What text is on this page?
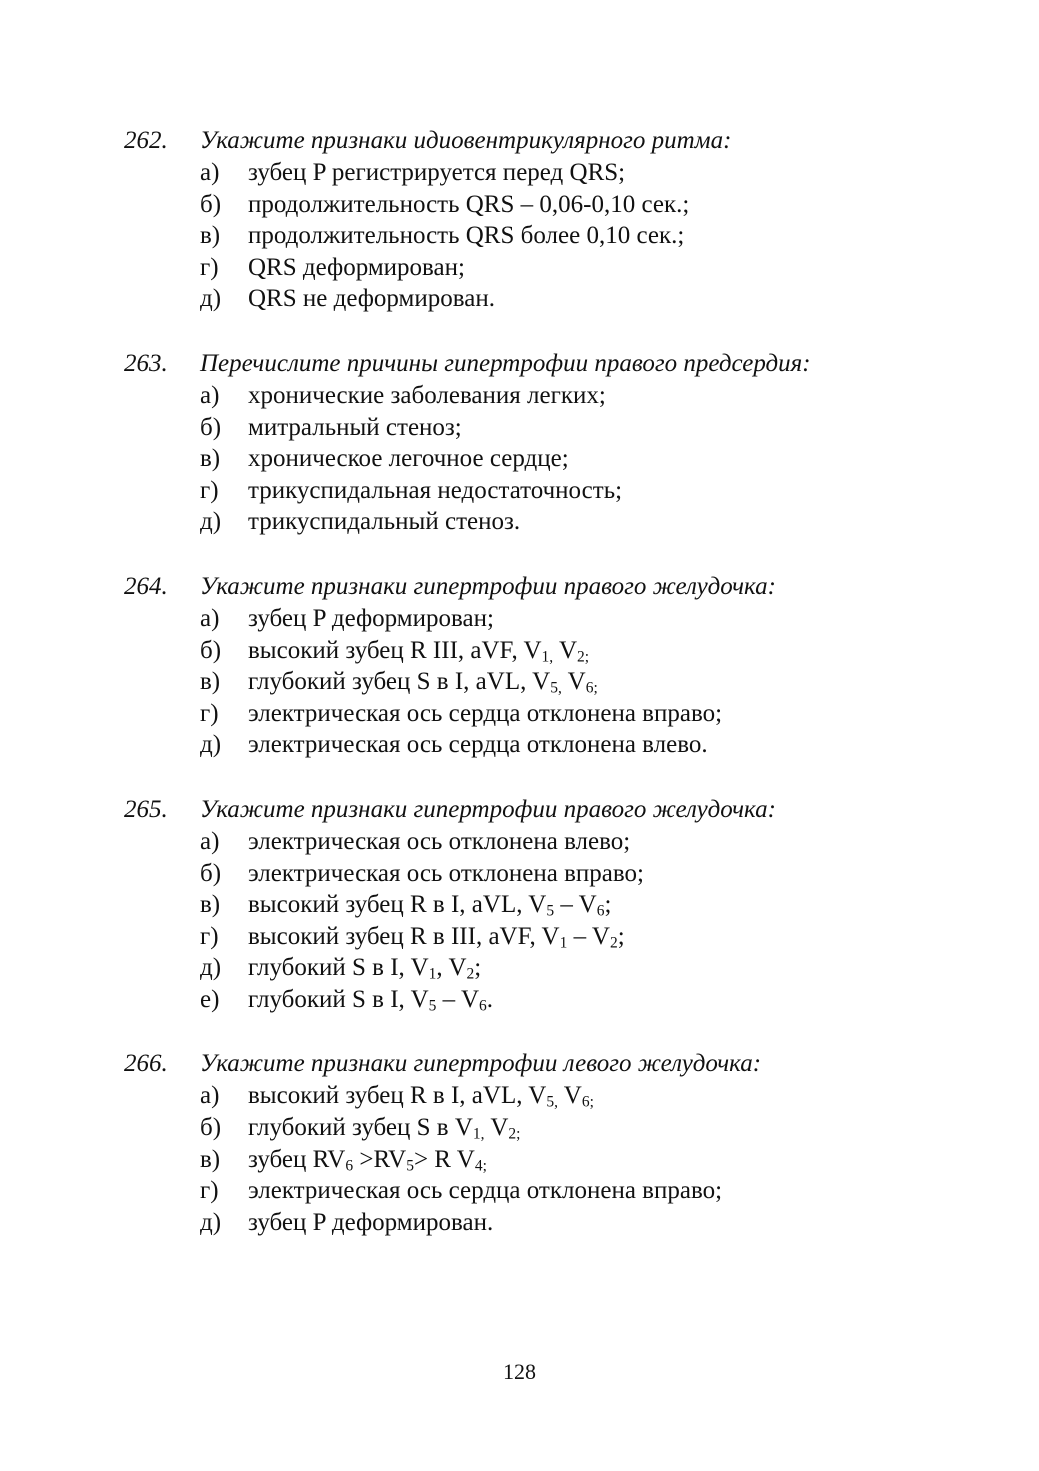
262.	Укажите признаки идиовентрикулярного ритма:
а)	зубец P регистрируется перед QRS;
б)	продолжительность QRS – 0,06-0,10 сек.;
в)	продолжительность QRS более 0,10 сек.;
г)	QRS деформирован;
д)	QRS не деформирован.
263.	Перечислите причины гипертрофии правого предсердия:
а)	хронические заболевания легких;
б)	митральный стеноз;
в)	хроническое легочное сердце;
г)	трикуспидальная недостаточность;
д)	трикуспидальный стеноз.
264.	Укажите признаки гипертрофии правого желудочка:
а)	зубец P деформирован;
б)	высокий зубец R III, aVF, $V_{1,}$ $V_{2;}$
в)	глубокий зубец S в I, aVL, $V_{5,}$ $V_{6;}$
г)	электрическая ось сердца отклонена вправо;
д)	электрическая ось сердца отклонена влево.
265.	Укажите признаки гипертрофии правого желудочка:
а)	электрическая ось отклонена влево;
б)	электрическая ось отклонена вправо;
в)	высокий зубец R в I, aVL, $V_5 - V_6$;
г)	высокий зубец R в III, aVF, $V_1 - V_2$;
д)	глубокий S в I, $V_1$, $V_2$;
е)	глубокий S в I, $V_5 - V_6$.
266.	Укажите признаки гипертрофии левого желудочка:
а)	высокий зубец R в I, aVL, $V_{5,}$ $V_{6;}$
б)	глубокий зубец S в $V_{1,}$ $V_{2;}$
в)	зубец $RV_6 >RV_5> R$ $V_{4;}$
г)	электрическая ось сердца отклонена вправо;
д)	зубец P деформирован.
128
